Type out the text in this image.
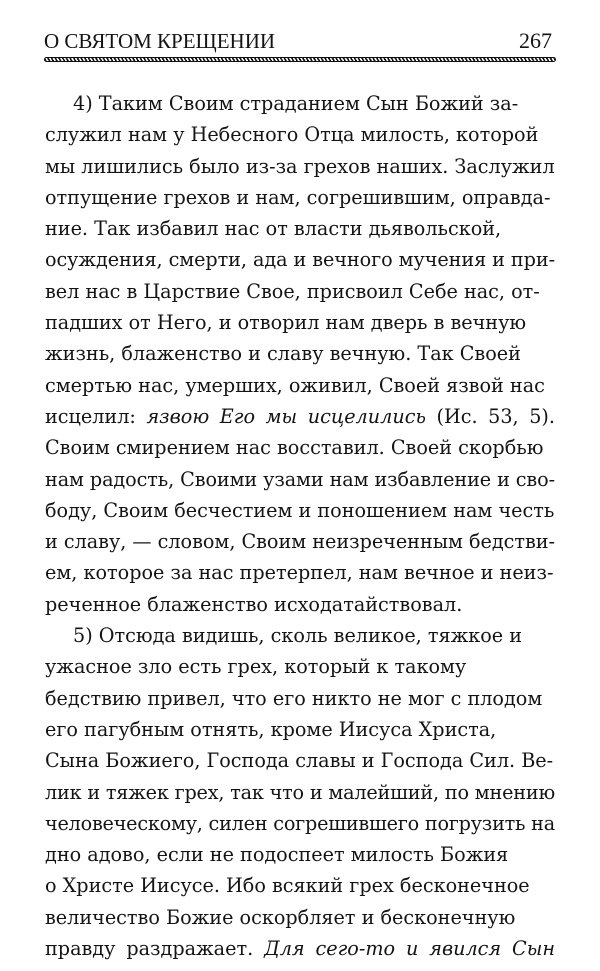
О СВЯТОМ КРЕЩЕНИИ	267
4) Таким Своим страданием Сын Божий за-
служил нам у Небесного Отца милость, которой
мы лишились было из-за грехов наших. Заслужил
отпущение грехов и нам, согрешившим, оправда-
ние. Так избавил нас от власти дьявольской,
осуждения, смерти, ада и вечного мучения и при-
вел нас в Царствие Свое, присвоил Себе нас, от-
падших от Него, и отворил нам дверь в вечную
жизнь, блаженство и славу вечную. Так Своей
смертью нас, умерших, оживил, Своей язвой нас
исцелил: язвою Его мы исцелились (Ис. 53, 5).
Своим смирением нас восставил. Своей скорбью
нам радость, Своими узами нам избавление и сво-
боду, Своим бесчестием и поношением нам честь
и славу, — словом, Своим неизреченным бедстви-
ем, которое за нас претерпел, нам вечное и неиз-
реченное блаженство исходатайствовал.
5) Отсюда видишь, сколь великое, тяжкое и
ужасное зло есть грех, который к такому
бедствию привел, что его никто не мог с плодом
его пагубным отнять, кроме Иисуса Христа,
Сына Божиего, Господа славы и Господа Сил. Ве-
лик и тяжек грех, так что и малейший, по мнению
человеческому, силен согрешившего погрузить на
дно адово, если не подоспеет милость Божия
о Христе Иисусе. Ибо всякий грех бесконечное
величество Божие оскорбляет и бесконечную
правду раздражает. Для сего-то и явился Сын
